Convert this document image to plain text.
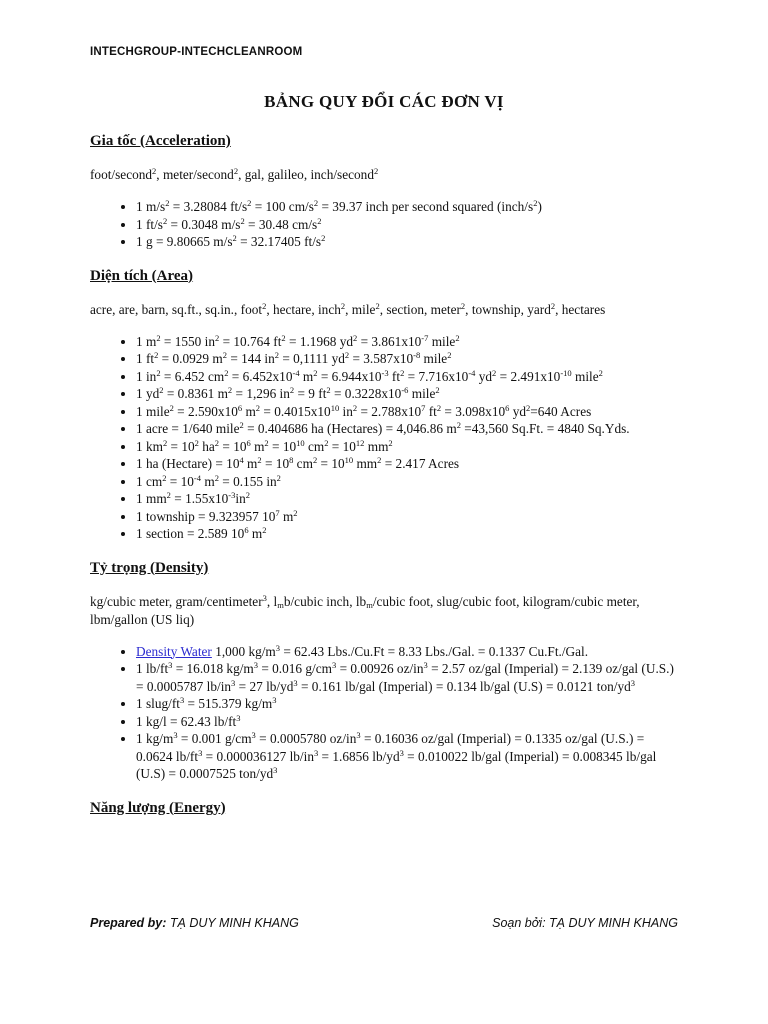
INTECHGROUP-INTECHCLEANROOM
BẢNG QUY ĐỔI CÁC ĐƠN VỊ

Gia tốc (Acceleration)

foot/second$^2$, meter/second$^2$, gal, galileo, inch/second$^2$

• 1 $m/s^2 = 3.28084$ $ft/s^2 = 100$ $cm/s^2 = 39.37$ inch per second squared $(inch/s^2)$
• 1 $ft/s^2 = 0.3048$ $m/s^2 = 30.48$ $cm/s^2$
• 1 g = 9.80665 $m/s^2 = 32.17405$ $ft/s^2$

Diện tích (Area)

acre, are, barn, sq.ft., sq.in., foot$^2$, hectare, inch$^2$, mile$^2$, section, meter$^2$, township, yard$^2$, hectares

• 1 $m^2 = 1550$ $in^2 = 10.764$ $ft^2 = 1.1968$ $yd^2 = 3.861x10^{-7}$ mile$^2$
• 1 $ft^2 = 0.0929$ $m^2 = 144$ $in^2 = 0,1111$ $yd^2 = 3.587x10^{-8}$ mile$^2$
• 1 $in^2 = 6.452$ $cm^2 = 6.452x10^{-4}$ $m^2 = 6.944x10^{-3}$ $ft^2 = 7.716x10^{-4}$ $yd^2 = 2.491x10^{-10}$ mile$^2$
• 1 $yd^2 = 0.8361$ $m^2 = 1,296$ $in^2 = 9$ $ft^2 = 0.3228x10^{-6}$ mile$^2$
• 1 mile$^2$ = $2.590x10^6$ $m^2 = 0.4015x10^{10}$ $in^2 = 2.788x10^7$ $ft^2 = 3.098x10^6$ $yd^2=640$ Acres
• 1 acre = 1/640 mile$^2$ = 0.404686 ha (Hectares) = 4,046.86 $m^2 =43,560$ Sq.Ft. = 4840 Sq.Yds.
• 1 $km^2 = 10^2$ $ha^2 = 10^6$ $m^2 = 10^{10}$ $cm^2 = 10^{12}$ $mm^2$
• 1 ha (Hectare) = $10^4$ $m^2 = 10^8$ $cm^2 = 10^{10}$ $mm^2 = 2.417$ Acres
• 1 $cm^2 = 10^{-4}$ $m^2 = 0.155$ $in^2$
• 1 $mm^2 = 1.55x10^{-3}in^2$
• 1 township = 9.323957 $10^7$ $m^2$
• 1 section = 2.589 $10^6$ $m^2$

Tỷ trọng (Density)

kg/cubic meter, gram/centimeter$^3$, $l_mb$/cubic inch, $lb_m$/cubic foot, slug/cubic foot, kilogram/cubic meter, lbm/gallon (US liq)

• Density Water 1,000 $kg/m^3 = 62.43$ Lbs./Cu.Ft = 8.33 Lbs./Gal. = 0.1337 Cu.Ft./Gal.
• 1 $lb/ft^3 = 16.018$ $kg/m^3 = 0.016$ $g/cm^3 = 0.00926$ $oz/in^3 = 2.57$ oz/gal (Imperial) = 2.139 oz/gal (U.S.) = 0.0005787 $lb/in^3 = 27$ $lb/yd^3 = 0.161$ lb/gal (Imperial) = 0.134 lb/gal (U.S) = 0.0121 ton/$yd^3$
• 1 slug/$ft^3 = 515.379$ $kg/m^3$
• 1 kg/l = 62.43 $lb/ft^3$
• 1 $kg/m^3 = 0.001$ $g/cm^3 = 0.0005780$ $oz/in^3 = 0.16036$ oz/gal (Imperial) = 0.1335 oz/gal (U.S.) = 0.0624 $lb/ft^3 = 0.000036127$ $lb/in^3 = 1.6856$ $lb/yd^3 = 0.010022$ lb/gal (Imperial) = 0.008345 lb/gal (U.S) = 0.0007525 ton/$yd^3$

Năng lượng (Energy)

Prepared by: TẠ DUY MINH KHANG	Soạn bởi: TẠ DUY MINH KHANG
